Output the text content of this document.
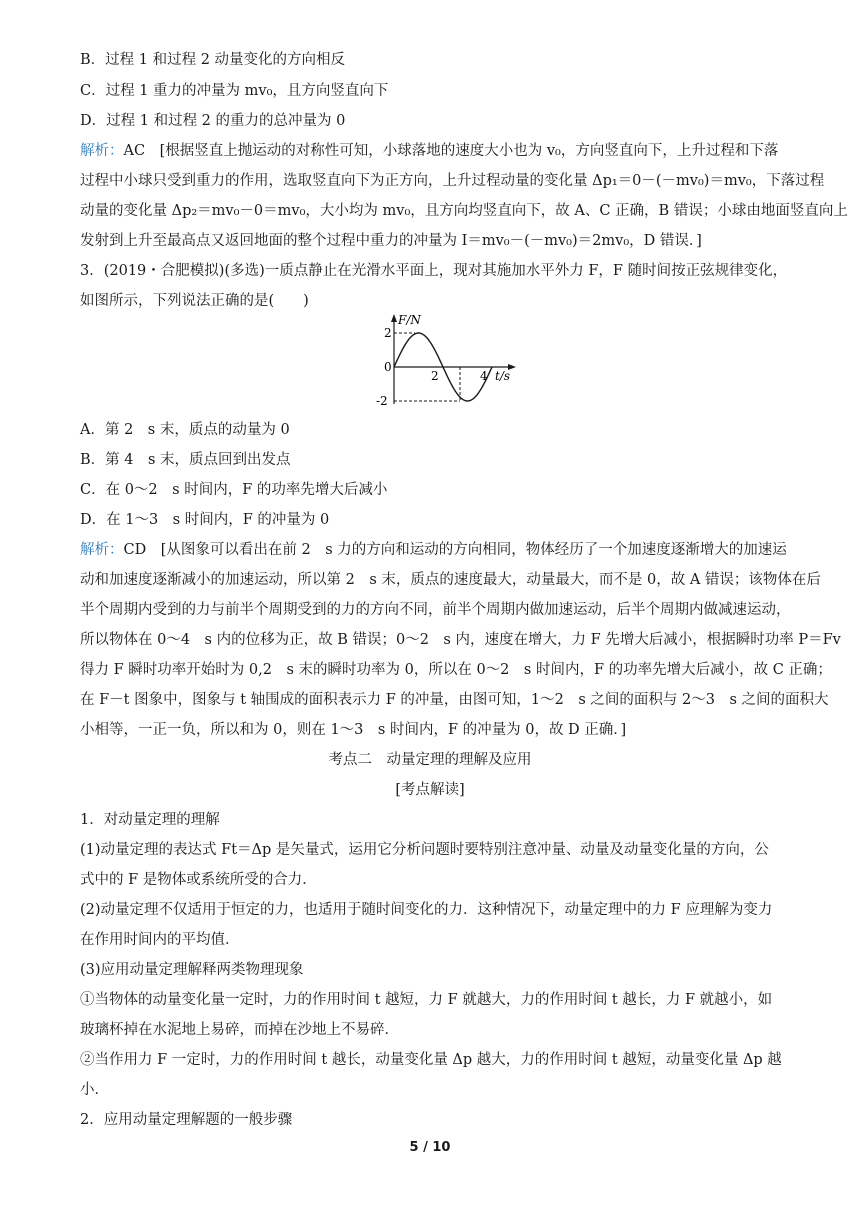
B．过程 1 和过程 2 动量变化的方向相反
C．过程 1 重力的冲量为 mv₀，且方向竖直向下
D．过程 1 和过程 2 的重力的总冲量为 0
解析：AC　[根据竖直上抛运动的对称性可知，小球落地的速度大小也为 v₀，方向竖直向下，上升过程和下落
过程中小球只受到重力的作用，选取竖直向下为正方向，上升过程动量的变化量 Δp₁＝0－(－mv₀)＝mv₀，下落过程
动量的变化量 Δp₂＝mv₀－0＝mv₀，大小均为 mv₀，且方向均竖直向下，故 A、C 正确，B 错误；小球由地面竖直向上
发射到上升至最高点又返回地面的整个过程中重力的冲量为 I＝mv₀－(－mv₀)＝2mv₀，D 错误．]
3．(2019・合肥模拟)(多选)一质点静止在光滑水平面上，现对其施加水平外力 F，F 随时间按正弦规律变化，
如图所示，下列说法正确的是(　　)
A．第 2　s 末，质点的动量为 0
B．第 4　s 末，质点回到出发点
C．在 0～2　s 时间内，F 的功率先增大后减小
D．在 1～3　s 时间内，F 的冲量为 0
解析：CD　[从图象可以看出在前 2　s 力的方向和运动的方向相同，物体经历了一个加速度逐渐增大的加速运
动和加速度逐渐减小的加速运动，所以第 2　s 末，质点的速度最大，动量最大，而不是 0，故 A 错误；该物体在后
半个周期内受到的力与前半个周期受到的力的方向不同，前半个周期内做加速运动，后半个周期内做减速运动，
所以物体在 0～4　s 内的位移为正，故 B 错误；0～2　s 内，速度在增大，力 F 先增大后减小，根据瞬时功率 P＝Fv
得力 F 瞬时功率开始时为 0,2　s 末的瞬时功率为 0，所以在 0～2　s 时间内，F 的功率先增大后减小，故 C 正确；
在 F－t 图象中，图象与 t 轴围成的面积表示力 F 的冲量，由图可知，1～2　s 之间的面积与 2～3　s 之间的面积大
小相等，一正一负，所以和为 0，则在 1～3　s 时间内，F 的冲量为 0，故 D 正确．]
考点二　动量定理的理解及应用
[考点解读]
1．对动量定理的理解
(1)动量定理的表达式 Ft＝Δp 是矢量式，运用它分析问题时要特别注意冲量、动量及动量变化量的方向，公
式中的 F 是物体或系统所受的合力．
(2)动量定理不仅适用于恒定的力，也适用于随时间变化的力．这种情况下，动量定理中的力 F 应理解为变力
在作用时间内的平均值．
(3)应用动量定理解释两类物理现象
①当物体的动量变化量一定时，力的作用时间 t 越短，力 F 就越大，力的作用时间 t 越长，力 F 就越小，如
玻璃杯掉在水泥地上易碎，而掉在沙地上不易碎．
②当作用力 F 一定时，力的作用时间 t 越长，动量变化量 Δp 越大，力的作用时间 t 越短，动量变化量 Δp 越
小．
2．应用动量定理解题的一般步骤
F/N
2
0
-2
2	4 t/s
5 / 10
